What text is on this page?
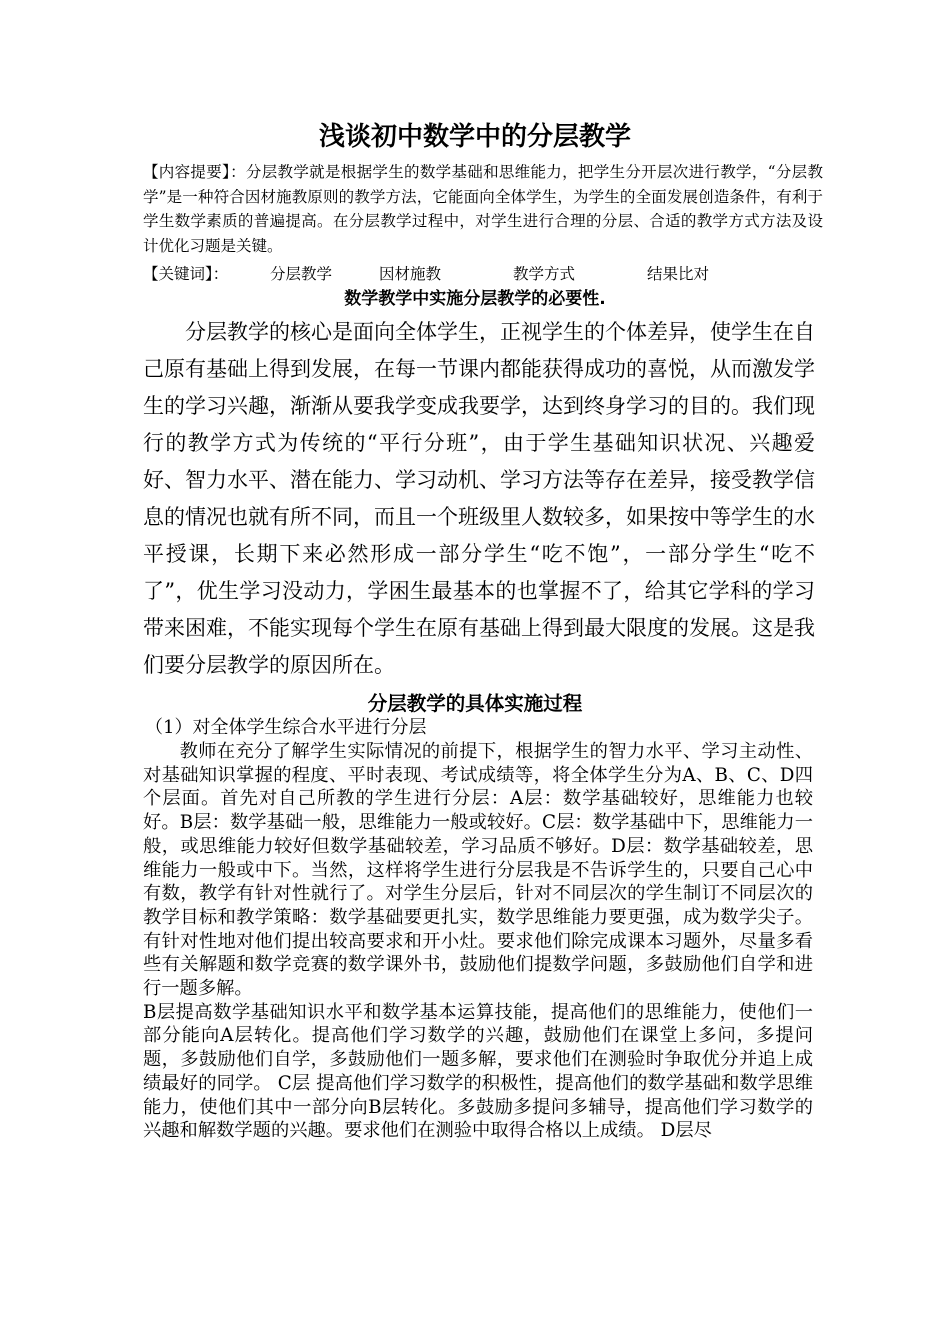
浅谈初中数学中的分层教学

【内容提要】：分层教学就是根据学生的数学基础和思维能力，把学生分开层次进行教学，“分层教学”是一种符合因材施教原则的教学方法，它能面向全体学生，为学生的全面发展创造条件，有利于学生数学素质的普遍提高。在分层教学过程中，对学生进行合理的分层、合适的教学方式方法及设计优化习题是关键。

【关键词】：	分层教学	因材施教	教学方式	结果比对
数学教学中实施分层教学的必要性.

分层教学的核心是面向全体学生，正视学生的个体差异，使学生在自己原有基础上得到发展，在每一节课内都能获得成功的喜悦，从而激发学生的学习兴趣，渐渐从要我学变成我要学，达到终身学习的目的。我们现行的教学方式为传统的“平行分班”，由于学生基础知识状况、兴趣爱好、智力水平、潜在能力、学习动机、学习方法等存在差异，接受教学信息的情况也就有所不同，而且一个班级里人数较多，如果按中等学生的水平授课，长期下来必然形成一部分学生“吃不饱”，一部分学生“吃不了”，优生学习没动力，学困生最基本的也掌握不了，给其它学科的学习带来困难，不能实现每个学生在原有基础上得到最大限度的发展。这是我们要分层教学的原因所在。

分层教学的具体实施过程
（1）对全体学生综合水平进行分层

教师在充分了解学生实际情况的前提下，根据学生的智力水平、学习主动性、对基础知识掌握的程度、平时表现、考试成绩等，将全体学生分为A、B、C、D四个层面。首先对自己所教的学生进行分层：A层：数学基础较好，思维能力也较好。B层：数学基础一般，思维能力一般或较好。C层：数学基础中下，思维能力一般，或思维能力较好但数学基础较差，学习品质不够好。D层：数学基础较差，思维能力一般或中下。当然，这样将学生进行分层我是不告诉学生的，只要自己心中有数，教学有针对性就行了。对学生分层后，针对不同层次的学生制订不同层次的教学目标和教学策略：数学基础要更扎实，数学思维能力要更强，成为数学尖子。有针对性地对他们提出较高要求和开小灶。要求他们除完成课本习题外，尽量多看些有关解题和数学竞赛的数学课外书，鼓励他们提数学问题，多鼓励他们自学和进行一题多解。

B层提高数学基础知识水平和数学基本运算技能，提高他们的思维能力，使他们一部分能向A层转化。提高他们学习数学的兴趣，鼓励他们在课堂上多问，多提问题，多鼓励他们自学，多鼓励他们一题多解，要求他们在测验时争取优分并追上成绩最好的同学。 C层 提高他们学习数学的积极性，提高他们的数学基础和数学思维能力，使他们其中一部分向B层转化。多鼓励多提问多辅导，提高他们学习数学的兴趣和解数学题的兴趣。要求他们在测验中取得合格以上成绩。 D层尽
